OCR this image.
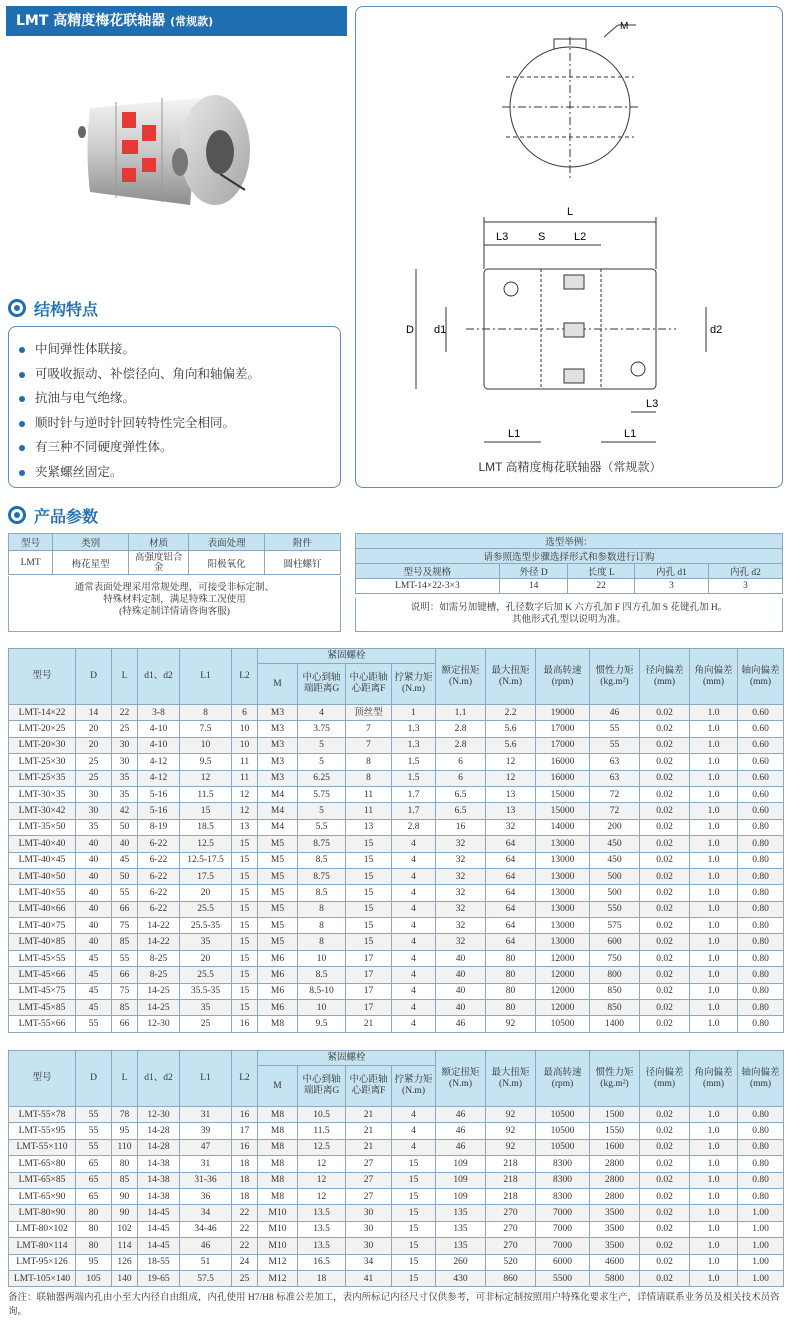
LMT 高精度梅花联轴器 (常规款)	M
L
L3	S	L2
D d1	d2
L3
L1	L1
LMT 高精度梅花联轴器（常规款）
结构特点
中间弹性体联接。
可吸收振动、补偿径向、角向和轴偏差。
抗油与电气绝缘。
顺时针与逆时针回转特性完全相同。
有三种不同硬度弹性体。
夹紧螺丝固定。
产品参数
型号	类别	材质	表面处理	附件
LMT	梅花星型	高强度铝合金	阳极氧化	圆柱螺钉
通常表面处理采用常规处理，可接受非标定制、
特殊材料定制，满足特殊工况使用
(特殊定制详情请咨询客服)
选型举例：				
请参照选型步骤选择形式和参数进行订购				
型号及规格	外径 D	长度 L	内孔 d1	内孔 d2
LMT-14×22-3×3	14	22	3	3
说明：如需另加键槽，孔径数字后加 K 六方孔加 F 四方孔加 S 花键孔加 H。
其他形式孔型以说明为准。
型号	D	L	d1、d2	L1	L2	紧固螺栓				额定扭矩(N.m)	最大扭矩(N.m)	最高转速(rpm)	惯性力矩(kg.m²)	径向偏差(mm)	角向偏差(mm)	轴向偏差(mm)
						M	中心到轴端距离G	中心距轴心距离F	拧紧力矩(N.m)							
LMT-14×22	14	22	3-8	8	6	M3	4	顶丝型	1	1.1	2.2	19000	46	0.02	1.0	0.60
LMT-20×25	20	25	4-10	7.5	10	M3	3.75	7	1.3	2.8	5.6	17000	55	0.02	1.0	0.60
LMT-20×30	20	30	4-10	10	10	M3	5	7	1.3	2.8	5.6	17000	55	0.02	1.0	0.60
LMT-25×30	25	30	4-12	9.5	11	M3	5	8	1.5	6	12	16000	63	0.02	1.0	0.60
LMT-25×35	25	35	4-12	12	11	M3	6.25	8	1.5	6	12	16000	63	0.02	1.0	0.60
LMT-30×35	30	35	5-16	11.5	12	M4	5.75	11	1.7	6.5	13	15000	72	0.02	1.0	0.60
LMT-30×42	30	42	5-16	15	12	M4	5	11	1.7	6.5	13	15000	72	0.02	1.0	0.60
LMT-35×50	35	50	8-19	18.5	13	M4	5.5	13	2.8	16	32	14000	200	0.02	1.0	0.80
LMT-40×40	40	40	6-22	12.5	15	M5	8.75	15	4	32	64	13000	450	0.02	1.0	0.80
LMT-40×45	40	45	6-22	12.5-17.5	15	M5	8.5	15	4	32	64	13000	450	0.02	1.0	0.80
LMT-40×50	40	50	6-22	17.5	15	M5	8.75	15	4	32	64	13000	500	0.02	1.0	0.80
LMT-40×55	40	55	6-22	20	15	M5	8.5	15	4	32	64	13000	500	0.02	1.0	0.80
LMT-40×66	40	66	6-22	25.5	15	M5	8	15	4	32	64	13000	550	0.02	1.0	0.80
LMT-40×75	40	75	14-22	25.5-35	15	M5	8	15	4	32	64	13000	575	0.02	1.0	0.80
LMT-40×85	40	85	14-22	35	15	M5	8	15	4	32	64	13000	600	0.02	1.0	0.80
LMT-45×55	45	55	8-25	20	15	M6	10	17	4	40	80	12000	750	0.02	1.0	0.80
LMT-45×66	45	66	8-25	25.5	15	M6	8.5	17	4	40	80	12000	800	0.02	1.0	0.80
LMT-45×75	45	75	14-25	35.5-35	15	M6	8.5-10	17	4	40	80	12000	850	0.02	1.0	0.80
LMT-45×85	45	85	14-25	35	15	M6	10	17	4	40	80	12000	850	0.02	1.0	0.80
LMT-55×66	55	66	12-30	25	16	M8	9.5	21	4	46	92	10500	1400	0.02	1.0	0.80
型号	D	L	d1、d2	L1	L2	紧固螺栓				额定扭矩(N.m)	最大扭矩(N.m)	最高转速(rpm)	惯性力矩(kg.m²)	径向偏差(mm)	角向偏差(mm)	轴向偏差(mm)
						M	中心到轴端距离G	中心距轴心距离F	拧紧力矩(N.m)							
LMT-55×78	55	78	12-30	31	16	M8	10.5	21	4	46	92	10500	1500	0.02	1.0	0.80
LMT-55×95	55	95	14-28	39	17	M8	11.5	21	4	46	92	10500	1550	0.02	1.0	0.80
LMT-55×110	55	110	14-28	47	16	M8	12.5	21	4	46	92	10500	1600	0.02	1.0	0.80
LMT-65×80	65	80	14-38	31	18	M8	12	27	15	109	218	8300	2800	0.02	1.0	0.80
LMT-65×85	65	85	14-38	31-36	18	M8	12	27	15	109	218	8300	2800	0.02	1.0	0.80
LMT-65×90	65	90	14-38	36	18	M8	12	27	15	109	218	8300	2800	0.02	1.0	0.80
LMT-80×90	80	90	14-45	34	22	M10	13.5	30	15	135	270	7000	3500	0.02	1.0	1.00
LMT-80×102	80	102	14-45	34-46	22	M10	13.5	30	15	135	270	7000	3500	0.02	1.0	1.00
LMT-80×114	80	114	14-45	46	22	M10	13.5	30	15	135	270	7000	3500	0.02	1.0	1.00
LMT-95×126	95	126	18-55	51	24	M12	16.5	34	15	260	520	6000	4600	0.02	1.0	1.00
LMT-105×140	105	140	19-65	57.5	25	M12	18	41	15	430	860	5500	5800	0.02	1.0	1.00
备注：联轴器两端内孔由小至大内径自由组成，内孔使用 H7/H8 标准公差加工，表内所标记内径尺寸仅供参考，可非标定制按照用户特殊化要求生产，详情请联系业务员及相关技术员咨询。
